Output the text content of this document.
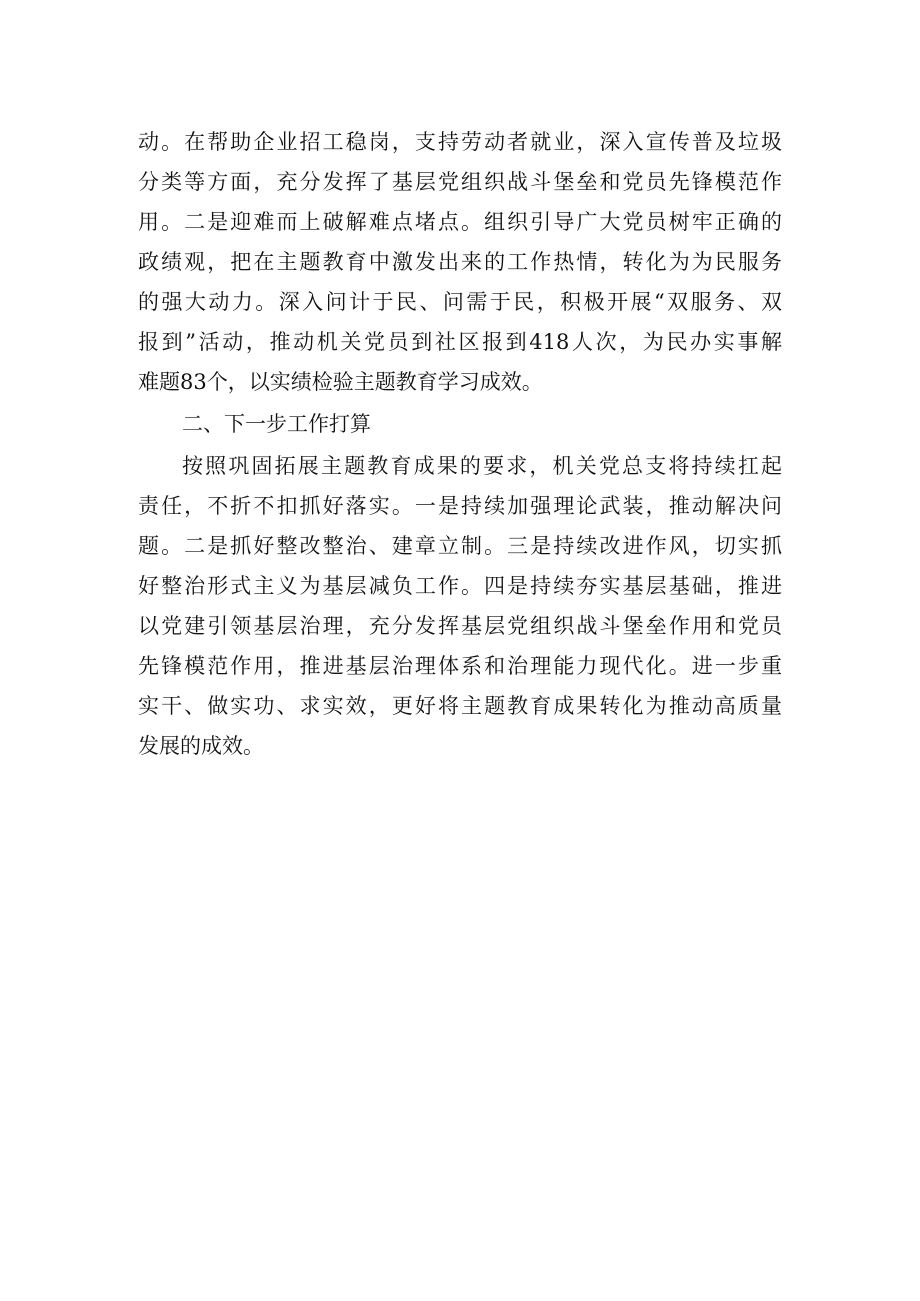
动。在帮助企业招工稳岗，支持劳动者就业，深入宣传普及垃圾
分类等方面，充分发挥了基层党组织战斗堡垒和党员先锋模范作
用。二是迎难而上破解难点堵点。组织引导广大党员树牢正确的
政绩观，把在主题教育中激发出来的工作热情，转化为为民服务
的强大动力。深入问计于民、问需于民，积极开展“双服务、双
报到”活动，推动机关党员到社区报到418人次，为民办实事解
难题83个，以实绩检验主题教育学习成效。
二、下一步工作打算
按照巩固拓展主题教育成果的要求，机关党总支将持续扛起
责任，不折不扣抓好落实。一是持续加强理论武装，推动解决问
题。二是抓好整改整治、建章立制。三是持续改进作风，切实抓
好整治形式主义为基层减负工作。四是持续夯实基层基础，推进
以党建引领基层治理，充分发挥基层党组织战斗堡垒作用和党员
先锋模范作用，推进基层治理体系和治理能力现代化。进一步重
实干、做实功、求实效，更好将主题教育成果转化为推动高质量
发展的成效。
